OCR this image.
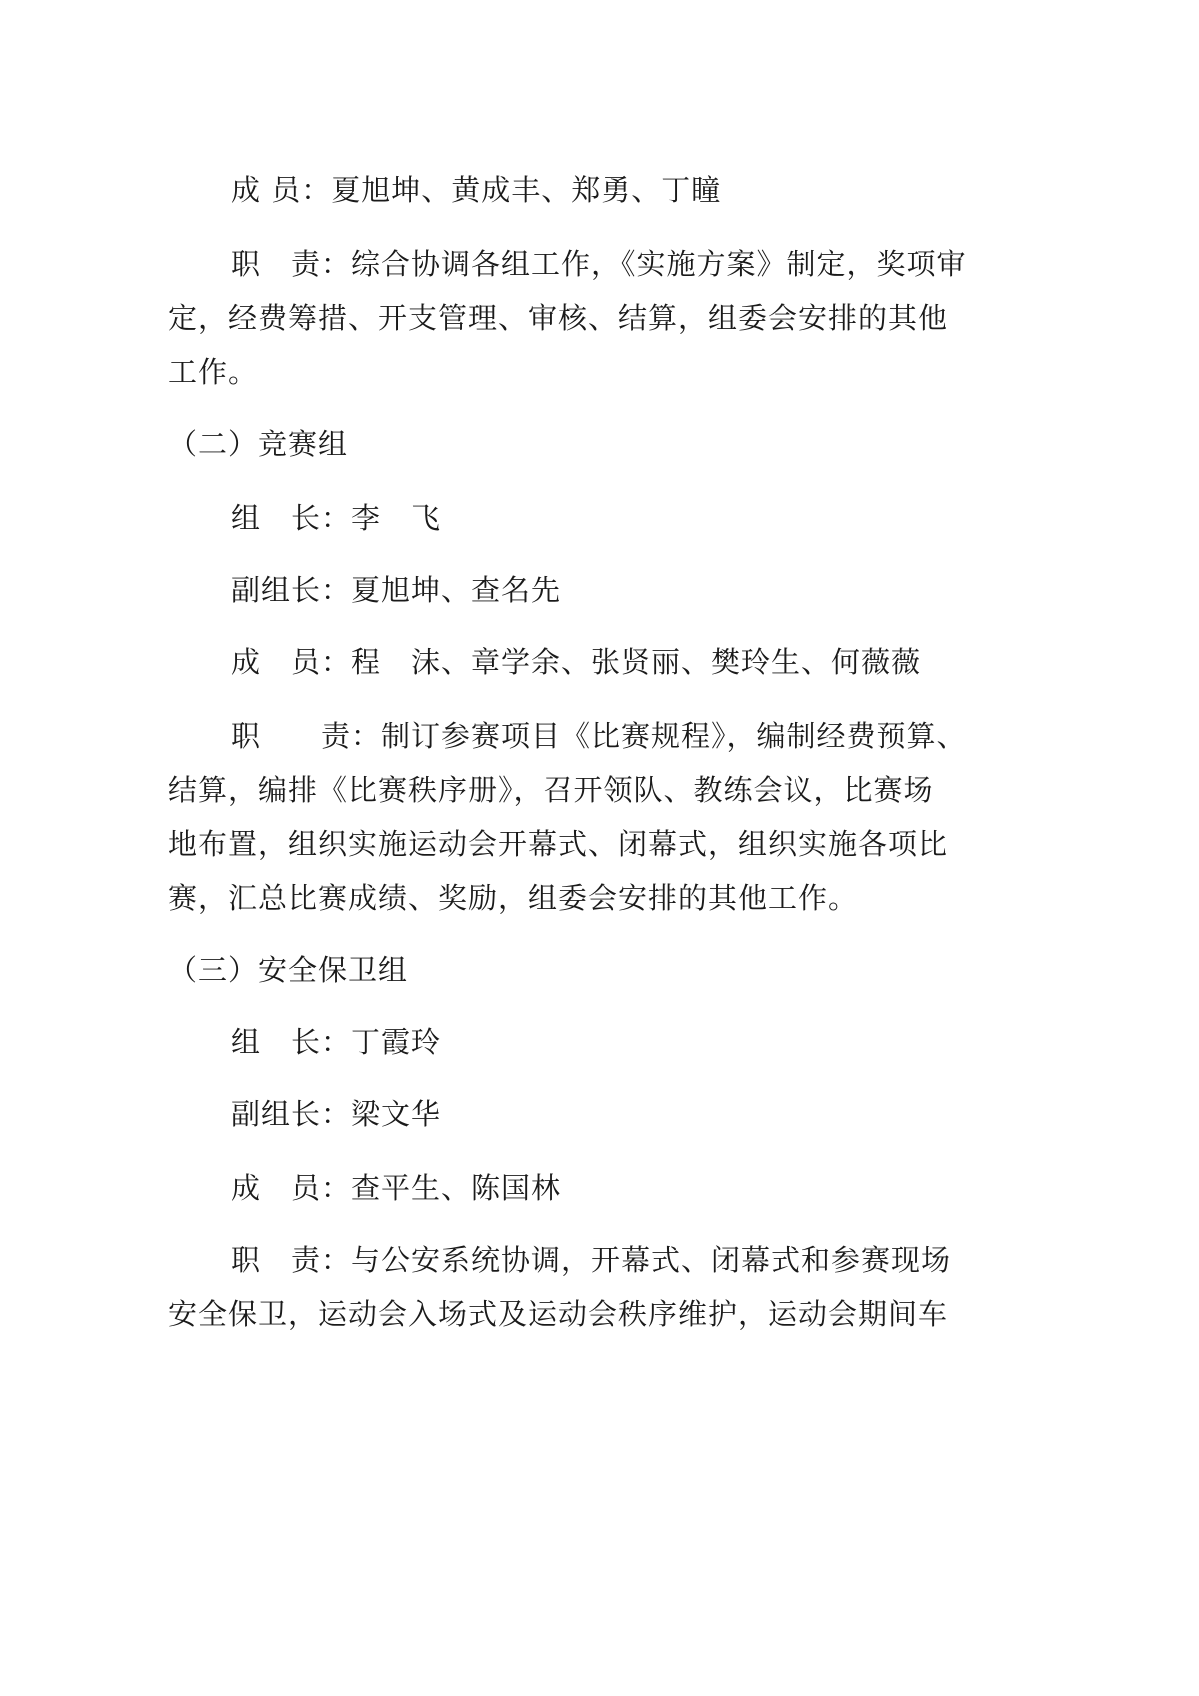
成 员：夏旭坤、黄成丰、郑勇、丁瞳
职　责：综合协调各组工作，《实施方案》制定，奖项审
定，经费筹措、开支管理、审核、结算，组委会安排的其他
工作。
（二）竞赛组
组　长：李　飞
副组长：夏旭坤、查名先
成　员：程　沫、章学余、张贤丽、樊玲生、何薇薇
职　　责：制订参赛项目《比赛规程》，编制经费预算、
结算，编排《比赛秩序册》，召开领队、教练会议，比赛场
地布置，组织实施运动会开幕式、闭幕式，组织实施各项比
赛，汇总比赛成绩、奖励，组委会安排的其他工作。
（三）安全保卫组
组　长：丁霞玲
副组长：梁文华
成　员：查平生、陈国林
职　责：与公安系统协调，开幕式、闭幕式和参赛现场
安全保卫，运动会入场式及运动会秩序维护，运动会期间车
